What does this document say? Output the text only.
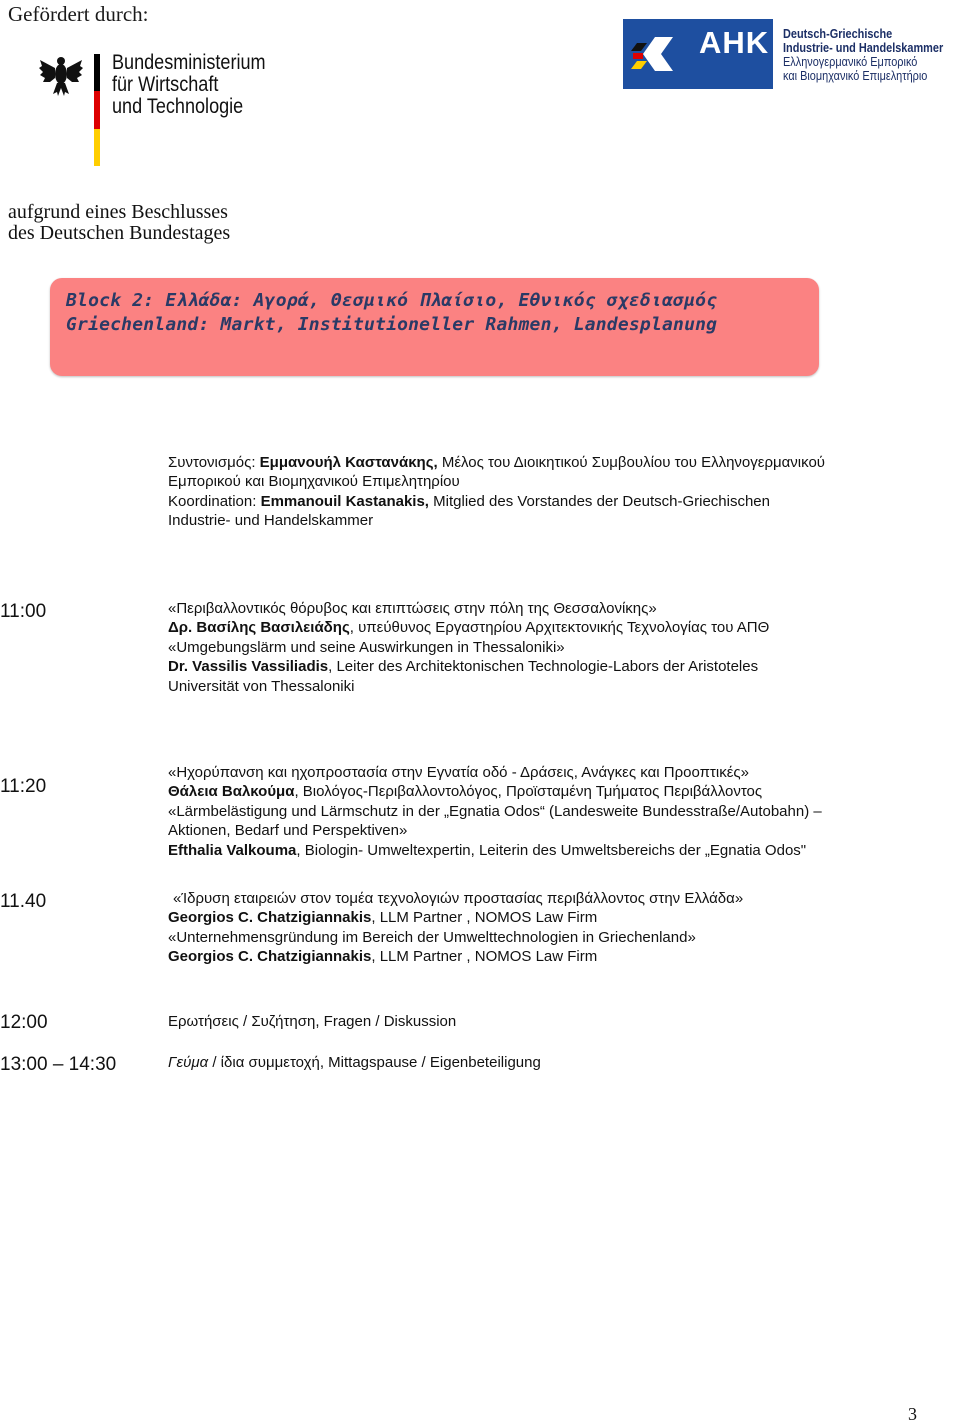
Gefördert durch:
Bundesministerium
für Wirtschaft
und Technologie
aufgrund eines Beschlusses
des Deutschen Bundestages
AHK Deutsch-Griechische
Industrie- und Handelskammer
Ελληνογερμανικό Εμπορικό
και Βιομηχανικό Επιμελητήριο
Block 2: Ελλάδα: Αγορά, Θεσμικό Πλαίσιο, Εθνικός σχεδιασμός
Griechenland: Markt, Institutioneller Rahmen, Landesplanung
Συντονισμός: Εμμανουήλ Καστανάκης, Μέλος του Διοικητικού Συμβουλίου του Ελληνογερμανικού
Εμπορικού και Βιομηχανικού Επιμελητηρίου
Koordination: Emmanouil Kastanakis, Mitglied des Vorstandes der Deutsch-Griechischen
Industrie- und Handelskammer
11:00	«Περιβαλλοντικός θόρυβος και επιπτώσεις στην πόλη της Θεσσαλονίκης»
Δρ. Βασίλης Βασιλειάδης, υπεύθυνος Εργαστηρίου Αρχιτεκτονικής Τεχνολογίας του ΑΠΘ
«Umgebungslärm und seine Auswirkungen in Thessaloniki»
Dr. Vassilis Vassiliadis, Leiter des Architektonischen Technologie-Labors der Aristoteles
Universität von Thessaloniki
11:20
«Ηχορύπανση και ηχοπροστασία στην Εγνατία οδό - Δράσεις, Ανάγκες και Προοπτικές»
Θάλεια Βαλκούμα, Βιολόγος-Περιβαλλοντολόγος, Προϊσταμένη Τμήματος Περιβάλλοντος
«Lärmbelästigung und Lärmschutz in der „Egnatia Odos“ (Landesweite Bundesstraße/Autobahn) –
Aktionen, Bedarf und Perspektiven»
Efthalia Valkouma, Biologin- Umweltexpertin, Leiterin des Umweltsbereichs der „Egnatia Odos"
11.40	«Ίδρυση εταιρειών στον τομέα τεχνολογιών προστασίας περιβάλλοντος στην Ελλάδα»
Georgios C. Chatzigiannakis, LLM Partner , NOMOS Law Firm
«Unternehmensgründung im Bereich der Umwelttechnologien in Griechenland»
Georgios C. Chatzigiannakis, LLM Partner , NOMOS Law Firm
12:00	Ερωτήσεις / Συζήτηση, Fragen / Diskussion
13:00 – 14:30	Γεύμα / ίδια συμμετοχή, Mittagspause / Eigenbeteiligung
3
